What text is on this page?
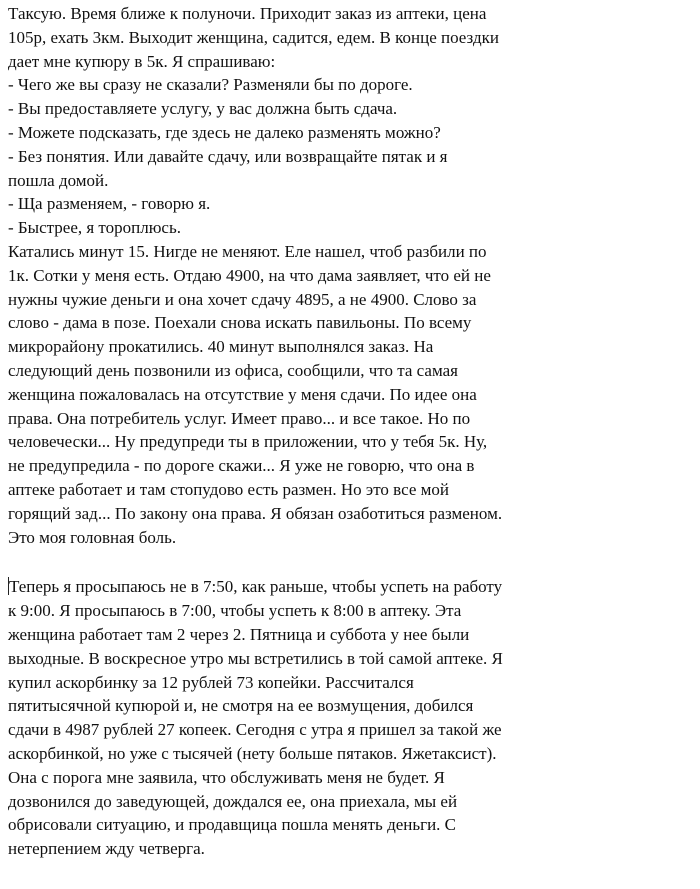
Таксую. Время ближе к полуночи. Приходит заказ из аптеки, цена
105р, ехать 3км. Выходит женщина, садится, едем. В конце поездки
дает мне купюру в 5к. Я спрашиваю:
- Чего же вы сразу не сказали? Разменяли бы по дороге.
- Вы предоставляете услугу, у вас должна быть сдача.
- Можете подсказать, где здесь не далеко разменять можно?
- Без понятия. Или давайте сдачу, или возвращайте пятак и я
пошла домой.
- Ща разменяем, - говорю я.
- Быстрее, я тороплюсь.
Катались минут 15. Нигде не меняют. Еле нашел, чтоб разбили по
1к. Сотки у меня есть. Отдаю 4900, на что дама заявляет, что ей не
нужны чужие деньги и она хочет сдачу 4895, а не 4900. Слово за
слово - дама в позе. Поехали снова искать павильоны. По всему
микрорайону прокатились. 40 минут выполнялся заказ. На
следующий день позвонили из офиса, сообщили, что та самая
женщина пожаловалась на отсутствие у меня сдачи. По идее она
права. Она потребитель услуг. Имеет право... и все такое. Но по
человечески... Ну предупреди ты в приложении, что у тебя 5к. Ну,
не предупредила - по дороге скажи... Я уже не говорю, что она в
аптеке работает и там стопудово есть размен. Но это все мой
горящий зад... По закону она права. Я обязан озаботиться разменом.
Это моя головная боль.
Теперь я просыпаюсь не в 7:50, как раньше, чтобы успеть на работу
к 9:00. Я просыпаюсь в 7:00, чтобы успеть к 8:00 в аптеку. Эта
женщина работает там 2 через 2. Пятница и суббота у нее были
выходные. В воскресное утро мы встретились в той самой аптеке. Я
купил аскорбинку за 12 рублей 73 копейки. Рассчитался
пятитысячной купюрой и, не смотря на ее возмущения, добился
сдачи в 4987 рублей 27 копеек. Сегодня с утра я пришел за такой же
аскорбинкой, но уже с тысячей (нету больше пятаков. Яжетаксист).
Она с порога мне заявила, что обслуживать меня не будет. Я
дозвонился до заведующей, дождался ее, она приехала, мы ей
обрисовали ситуацию, и продавщица пошла менять деньги. С
нетерпением жду четверга.
